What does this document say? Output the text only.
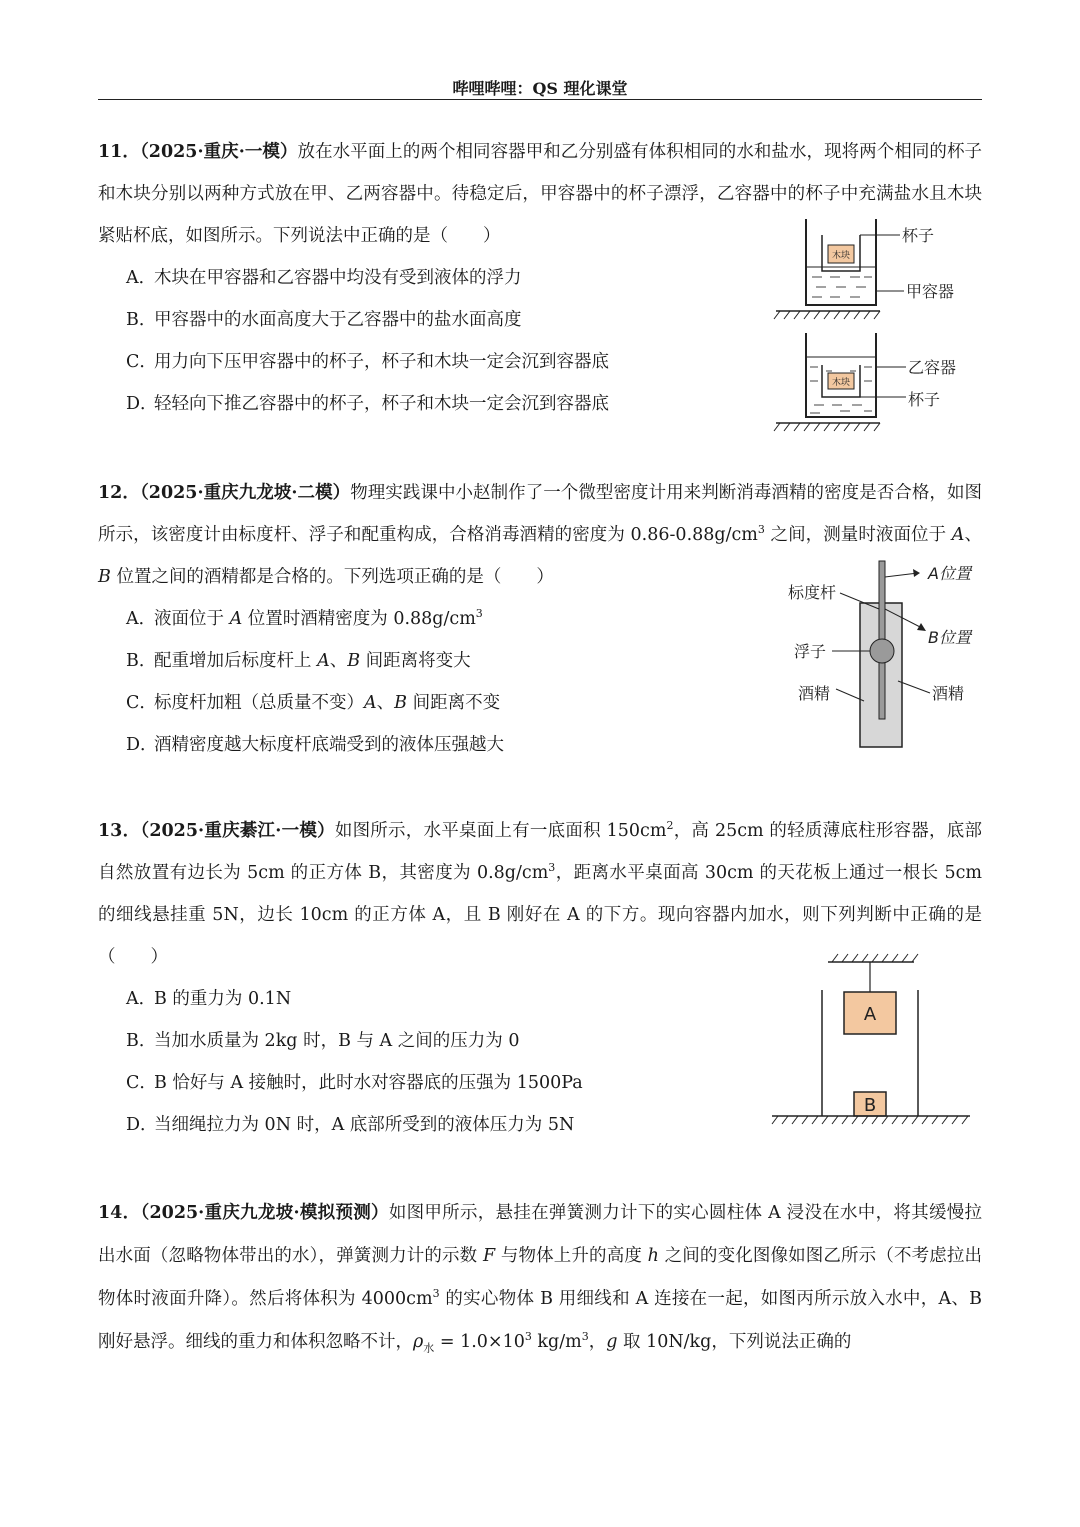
哔哩哔哩：QS 理化课堂

11．（2025·重庆·一模）放在水平面上的两个相同容器甲和乙分别盛有体积相同的水和盐水，现将两个相同的杯子和木块分别以两种方式放在甲、乙两容器中。待稳定后，甲容器中的杯子漂浮，乙容器中的杯子中充满盐水且木块紧贴杯底，如图所示。下列说法中正确的是（　　）

A．木块在甲容器和乙容器中均没有受到液体的浮力

B．甲容器中的水面高度大于乙容器中的盐水面高度

C．用力向下压甲容器中的杯子，杯子和木块一定会沉到容器底

D．轻轻向下推乙容器中的杯子，杯子和木块一定会沉到容器底

木块
杯子
甲容器
木块
乙容器
杯子

12．（2025·重庆九龙坡·二模）物理实践课中小赵制作了一个微型密度计用来判断消毒酒精的密度是否合格，如图所示，该密度计由标度杆、浮子和配重构成，合格消毒酒精的密度为 $0.86-0.88g/cm^3$ 之间，测量时液面位于 A、B 位置之间的酒精都是合格的。下列选项正确的是（　　）

A．液面位于 A 位置时酒精密度为 $0.88g/cm^3$

B．配重增加后标度杆上 A、B 间距离将变大

C．标度杆加粗（总质量不变）A、B 间距离不变

D．酒精密度越大标度杆底端受到的液体压强越大

A位置
B位置
标度杆
浮子
酒精	酒精

13．（2025·重庆綦江·一模）如图所示，水平桌面上有一底面积 $150cm^2$，高 25cm 的轻质薄底柱形容器，底部自然放置有边长为 5cm 的正方体 B，其密度为 $0.8g/cm^3$，距离水平桌面高 30cm 的天花板上通过一根长 5cm 的细线悬挂重 5N，边长 10cm 的正方体 A，且 B 刚好在 A 的下方。现向容器内加水，则下列判断中正确的是（　　）

A．B 的重力为 0.1N

B．当加水质量为 2kg 时，B 与 A 之间的压力为 0

C．B 恰好与 A 接触时，此时水对容器底的压强为 1500Pa

D．当细绳拉力为 0N 时，A 底部所受到的液体压力为 5N

A
B

14．（2025·重庆九龙坡·模拟预测）如图甲所示，悬挂在弹簧测力计下的实心圆柱体 A 浸没在水中，将其缓慢拉出水面（忽略物体带出的水），弹簧测力计的示数 F 与物体上升的高度 h 之间的变化图像如图乙所示（不考虑拉出物体时液面升降）。然后将体积为 $4000cm^3$ 的实心物体 B 用细线和 A 连接在一起，如图丙所示放入水中，A、B 刚好悬浮。细线的重力和体积忽略不计，$\rho_水 = 1.0\times 10^3$ $kg/m^3$，g 取 10N/kg，下列说法正确的
